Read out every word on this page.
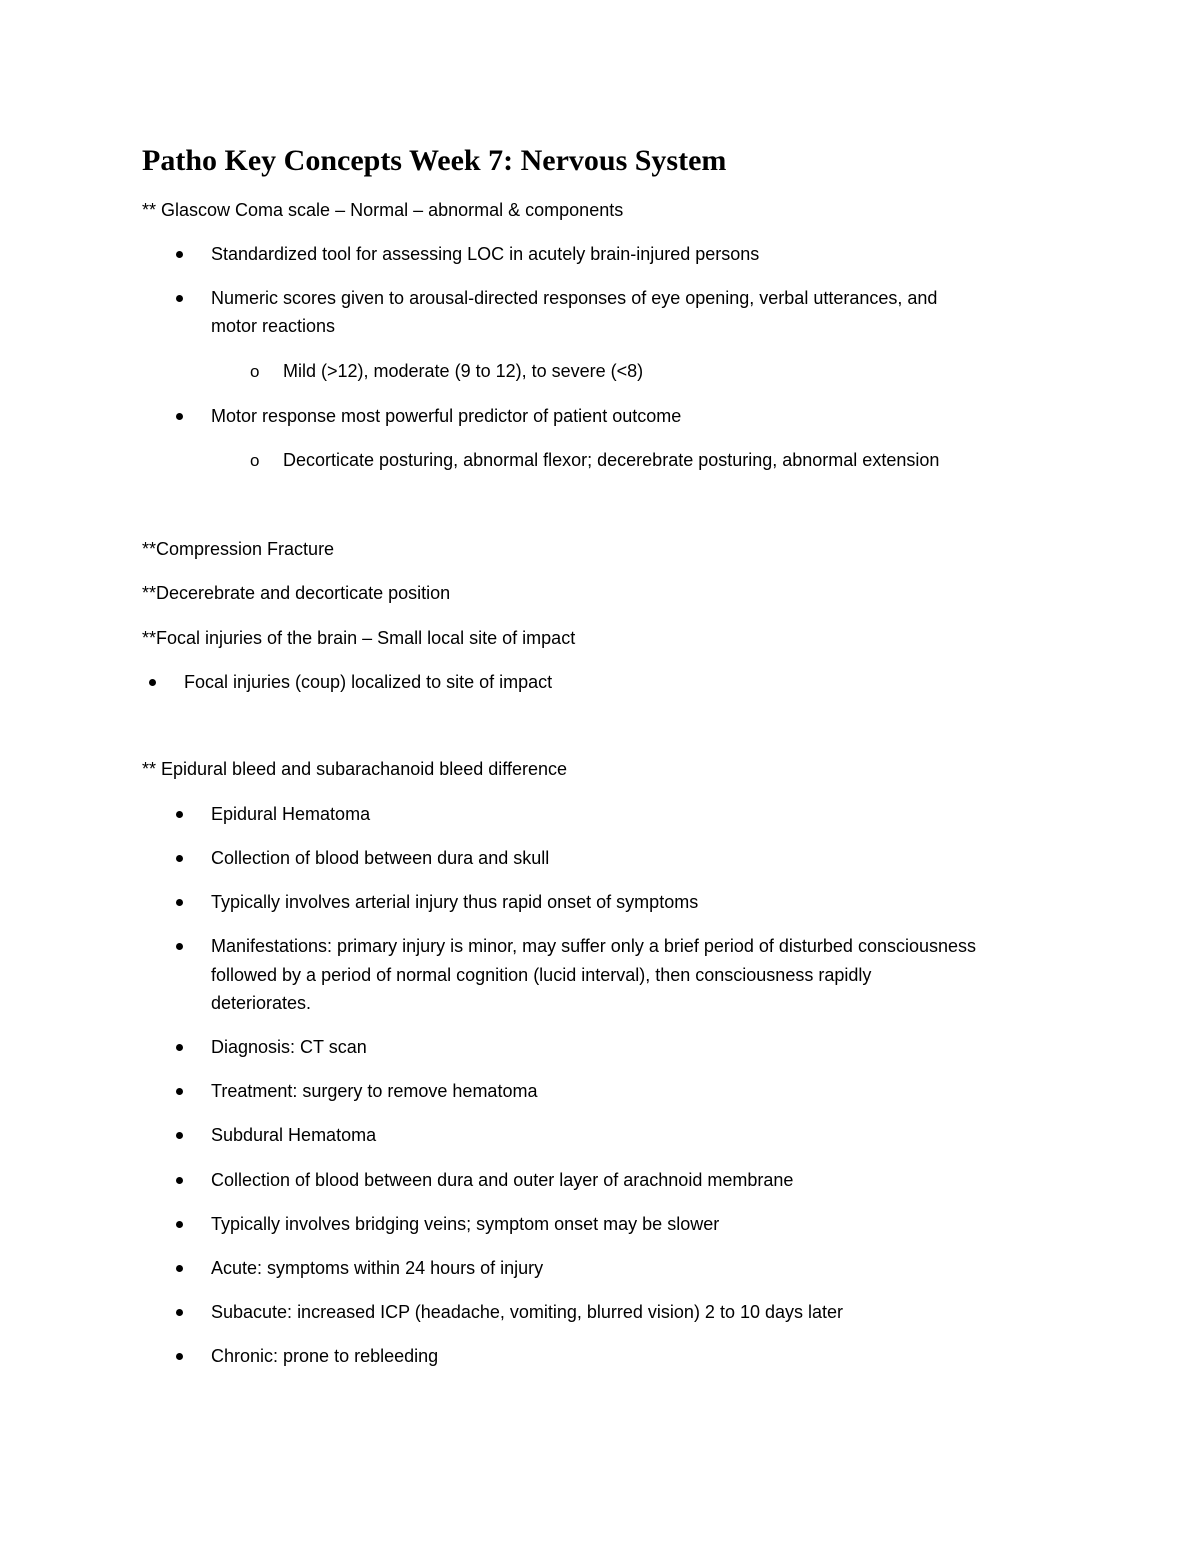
Patho Key Concepts Week 7: Nervous System
** Glascow Coma scale – Normal – abnormal & components
Standardized tool for assessing LOC in acutely brain-injured persons
Numeric scores given to arousal-directed responses of eye opening, verbal utterances, and
motor reactions
o Mild (>12), moderate (9 to 12), to severe (<8)
Motor response most powerful predictor of patient outcome
o Decorticate posturing, abnormal flexor; decerebrate posturing, abnormal extension
**Compression Fracture
**Decerebrate and decorticate position
**Focal injuries of the brain – Small local site of impact
Focal injuries (coup) localized to site of impact
** Epidural bleed and subarachanoid bleed difference
Epidural Hematoma
Collection of blood between dura and skull
Typically involves arterial injury thus rapid onset of symptoms
Manifestations: primary injury is minor, may suffer only a brief period of disturbed consciousness
followed by a period of normal cognition (lucid interval), then consciousness rapidly
deteriorates.
Diagnosis: CT scan
Treatment: surgery to remove hematoma
Subdural Hematoma
Collection of blood between dura and outer layer of arachnoid membrane
Typically involves bridging veins; symptom onset may be slower
Acute: symptoms within 24 hours of injury
Subacute: increased ICP (headache, vomiting, blurred vision) 2 to 10 days later
Chronic: prone to rebleeding
